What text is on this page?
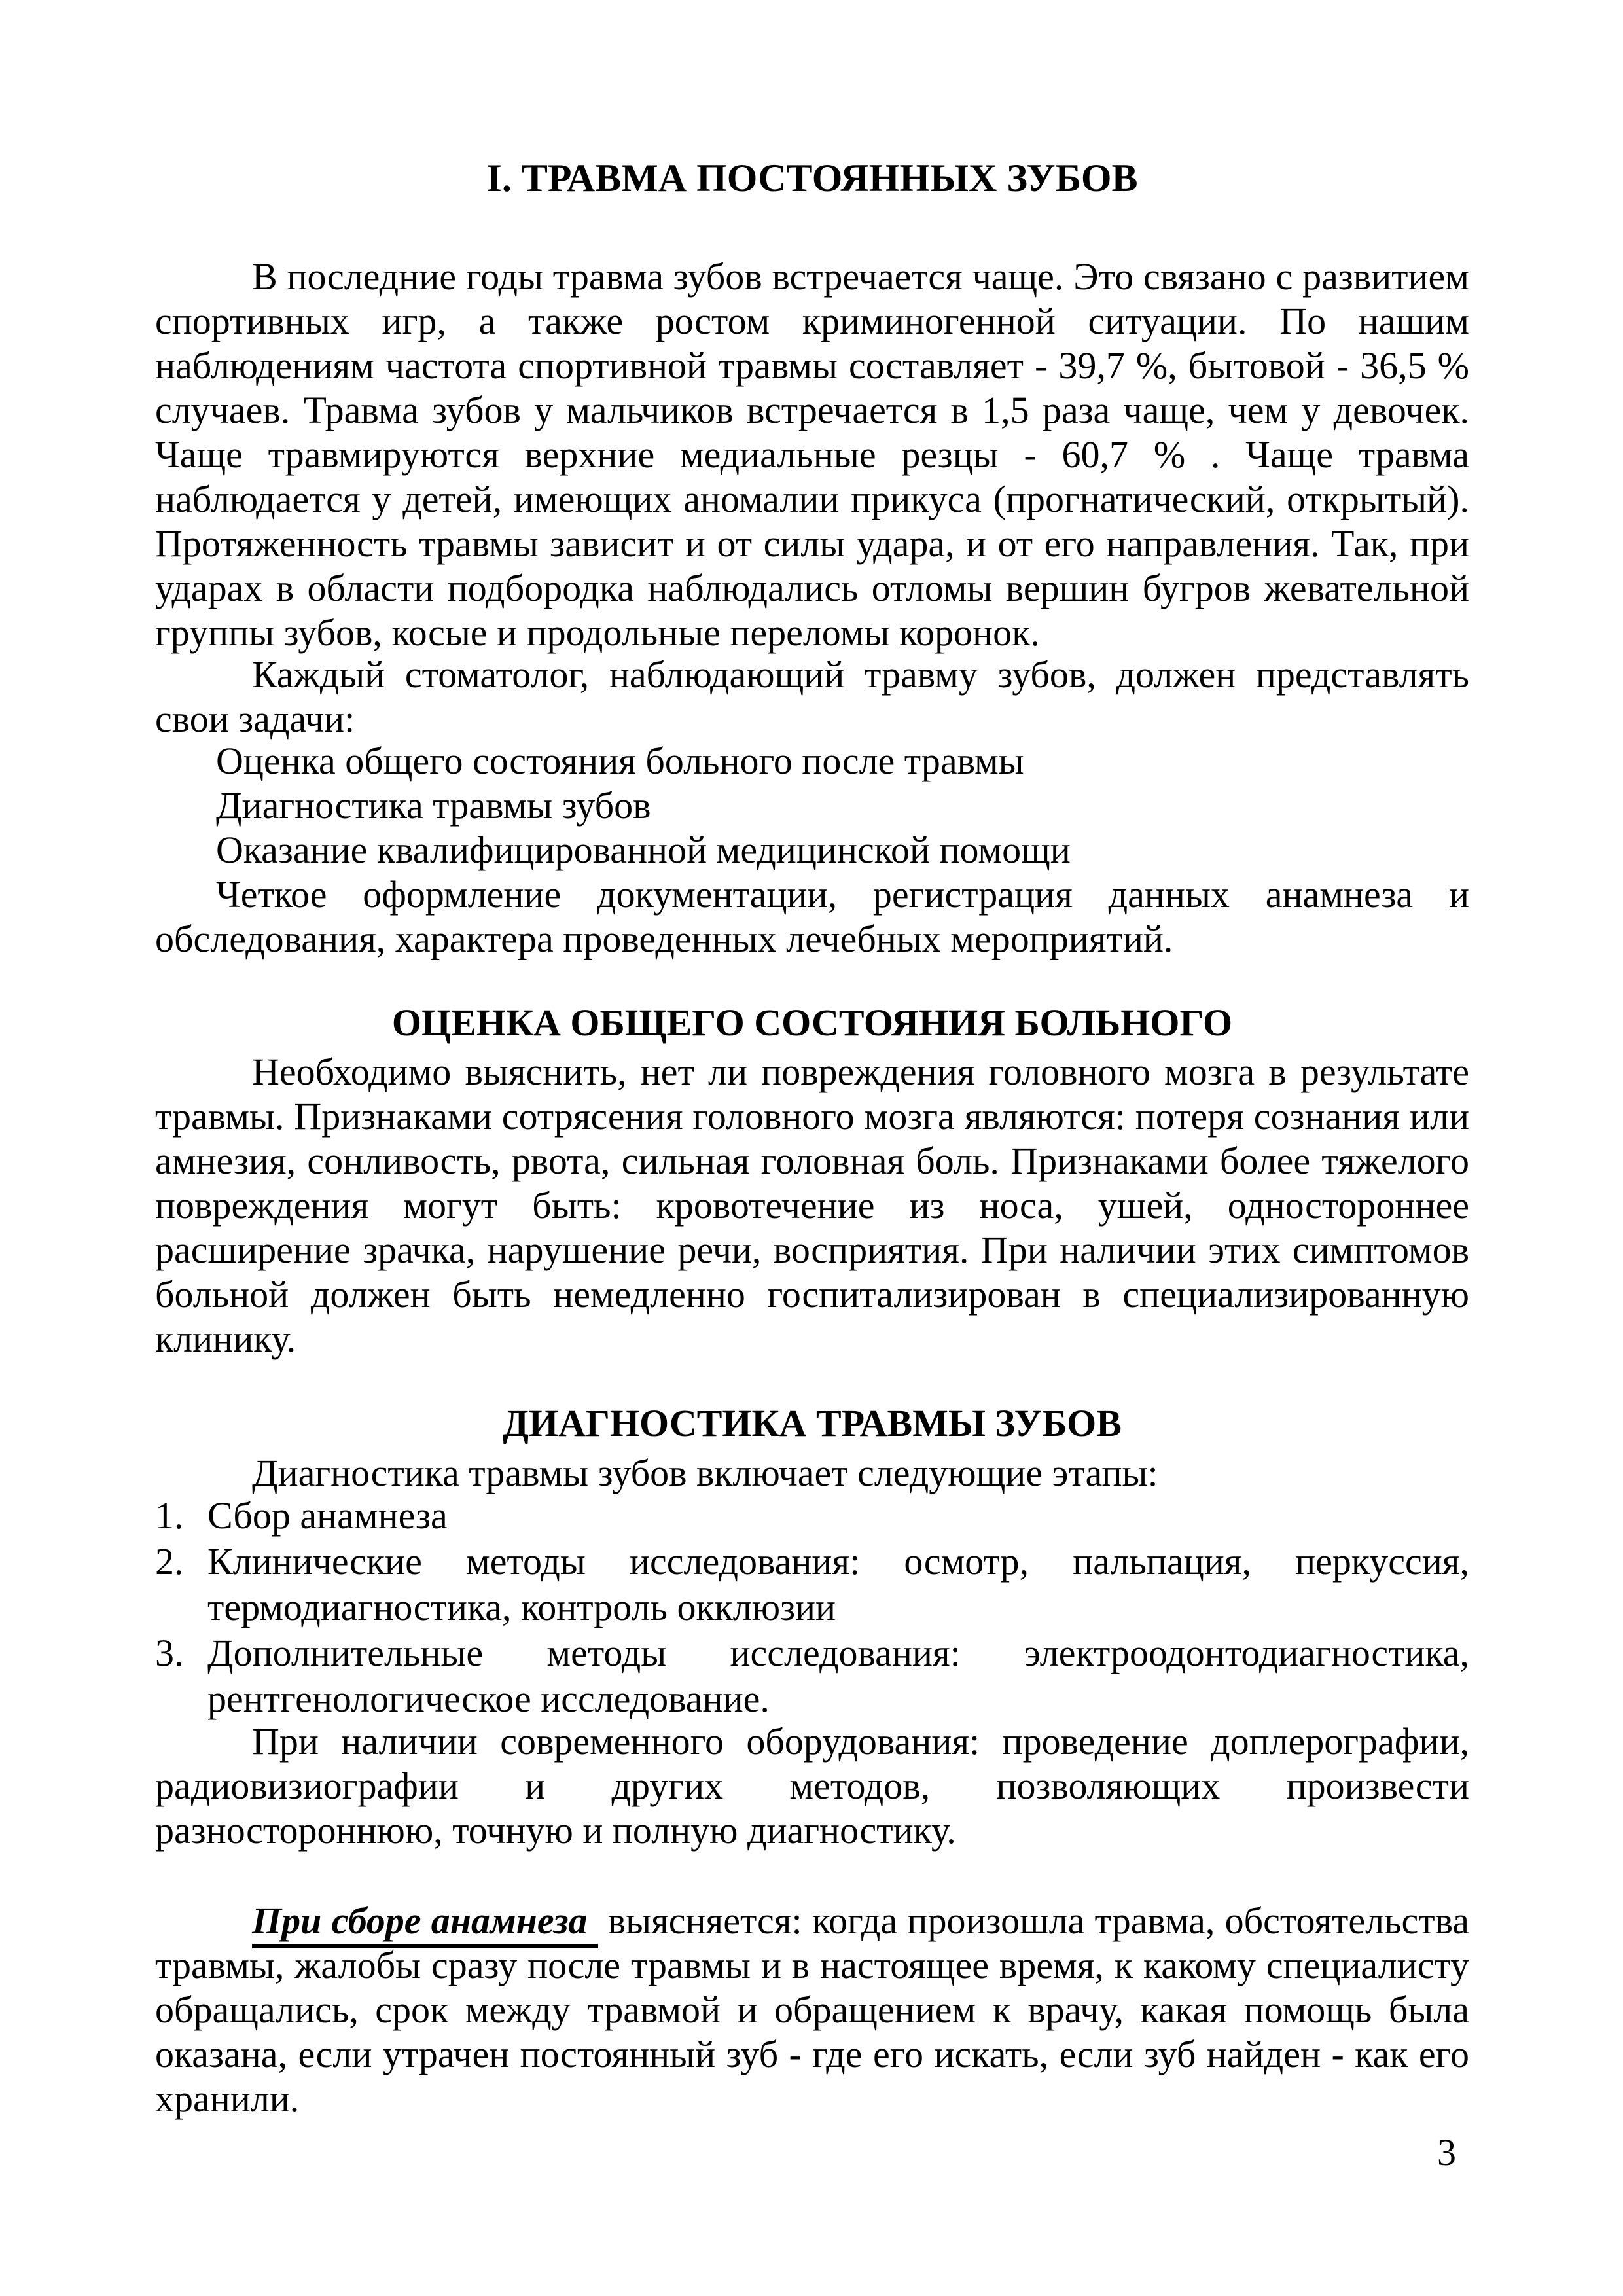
I. ТРАВМА ПОСТОЯННЫХ ЗУБОВ
В последние годы травма зубов встречается чаще. Это связано с развитием спортивных игр, а также ростом криминогенной ситуации. По нашим наблюдениям частота спортивной травмы составляет - 39,7 %, бытовой - 36,5 % случаев. Травма зубов у мальчиков встречается в 1,5 раза чаще, чем у девочек. Чаще травмируются верхние медиальные резцы - 60,7 % . Чаще травма наблюдается у детей, имеющих аномалии прикуса (прогнатический, открытый). Протяженность травмы зависит и от силы удара, и от его направления. Так, при ударах в области подбородка наблюдались отломы вершин бугров жевательной группы зубов, косые и продольные переломы коронок.
Каждый стоматолог, наблюдающий травму зубов, должен представлять свои задачи:
Оценка общего состояния больного после травмы
Диагностика травмы зубов
Оказание квалифицированной медицинской помощи
Четкое оформление документации, регистрация данных анамнеза и обследования, характера проведенных лечебных мероприятий.
ОЦЕНКА ОБЩЕГО СОСТОЯНИЯ БОЛЬНОГО
Необходимо выяснить, нет ли повреждения головного мозга в результате травмы. Признаками сотрясения головного мозга являются: потеря сознания или амнезия, сонливость, рвота, сильная головная боль. Признаками более тяжелого повреждения могут быть: кровотечение из носа, ушей, одностороннее расширение зрачка, нарушение речи, восприятия. При наличии этих симптомов больной должен быть немедленно госпитализирован в специализированную клинику.
ДИАГНОСТИКА ТРАВМЫ ЗУБОВ
Диагностика травмы зубов включает следующие этапы:
1. Сбор анамнеза
2. Клинические методы исследования: осмотр, пальпация, перкуссия, термодиагностика, контроль окклюзии
3. Дополнительные методы исследования: электроодонтодиагностика, рентгенологическое исследование.
При наличии современного оборудования: проведение доплерографии, радиовизиографии и других методов, позволяющих произвести разностороннюю, точную и полную диагностику.
При сборе анамнеза выясняется: когда произошла травма, обстоятельства травмы, жалобы сразу после травмы и в настоящее время, к какому специалисту обращались, срок между травмой и обращением к врачу, какая помощь была оказана, если утрачен постоянный зуб - где его искать, если зуб найден - как его хранили.
3
